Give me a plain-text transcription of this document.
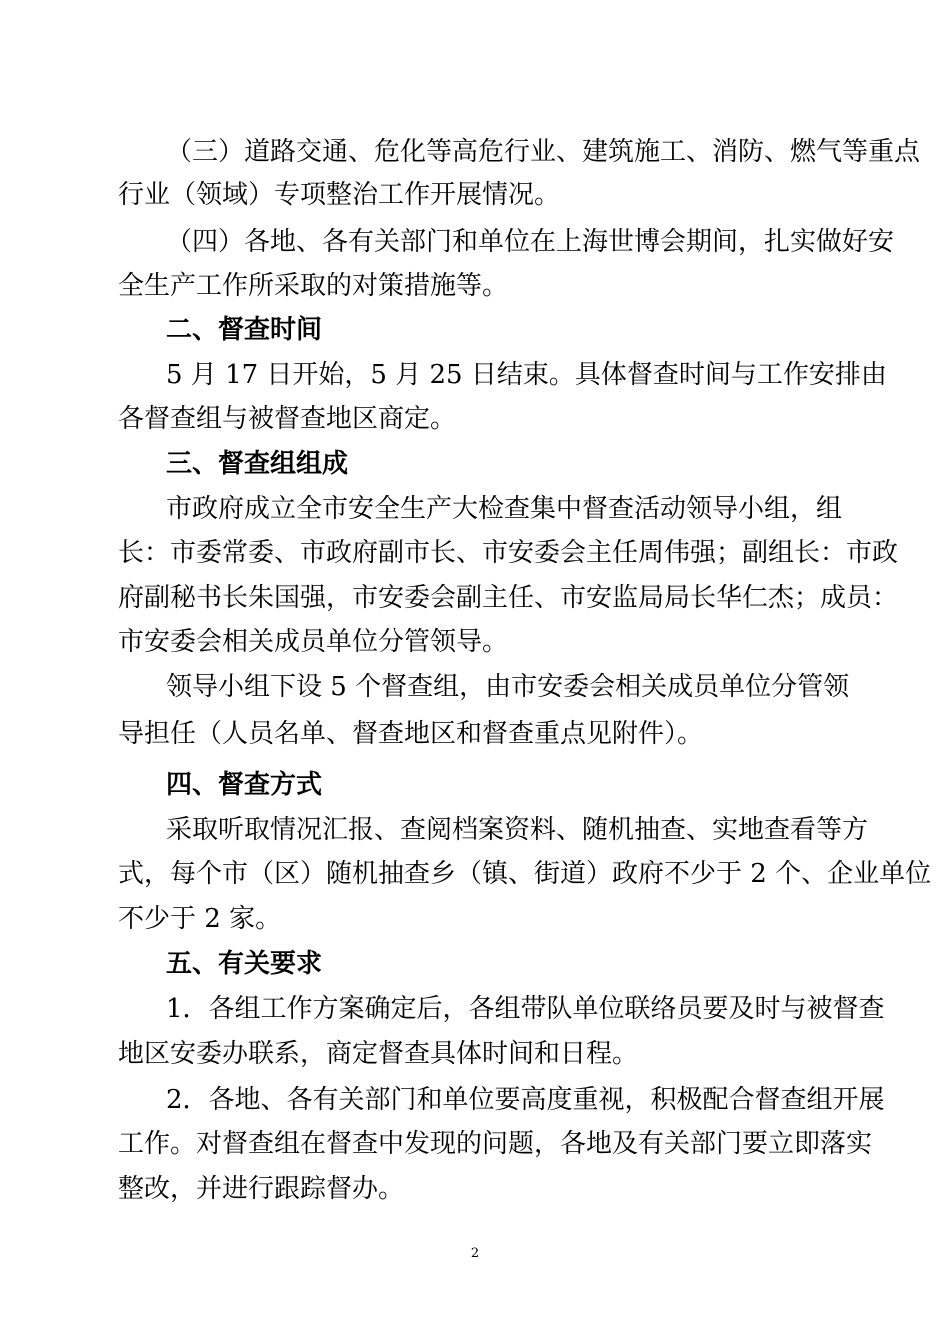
（三）道路交通、危化等高危行业、建筑施工、消防、燃气等重点
行业（领域）专项整治工作开展情况。
（四）各地、各有关部门和单位在上海世博会期间，扎实做好安
全生产工作所采取的对策措施等。
二、督查时间
5 月 17 日开始，5 月 25 日结束。具体督查时间与工作安排由
各督查组与被督查地区商定。
三、督查组组成
市政府成立全市安全生产大检查集中督查活动领导小组，组
长：市委常委、市政府副市长、市安委会主任周伟强；副组长：市政
府副秘书长朱国强，市安委会副主任、市安监局局长华仁杰；成员：
市安委会相关成员单位分管领导。
领导小组下设 5 个督查组，由市安委会相关成员单位分管领
导担任（人员名单、督查地区和督查重点见附件）。
四、督查方式
采取听取情况汇报、查阅档案资料、随机抽查、实地查看等方
式，每个市（区）随机抽查乡（镇、街道）政府不少于 2 个、企业单位
不少于 2 家。
五、有关要求
1．各组工作方案确定后，各组带队单位联络员要及时与被督查
地区安委办联系，商定督查具体时间和日程。
2．各地、各有关部门和单位要高度重视，积极配合督查组开展
工作。对督查组在督查中发现的问题，各地及有关部门要立即落实
整改，并进行跟踪督办。
2
